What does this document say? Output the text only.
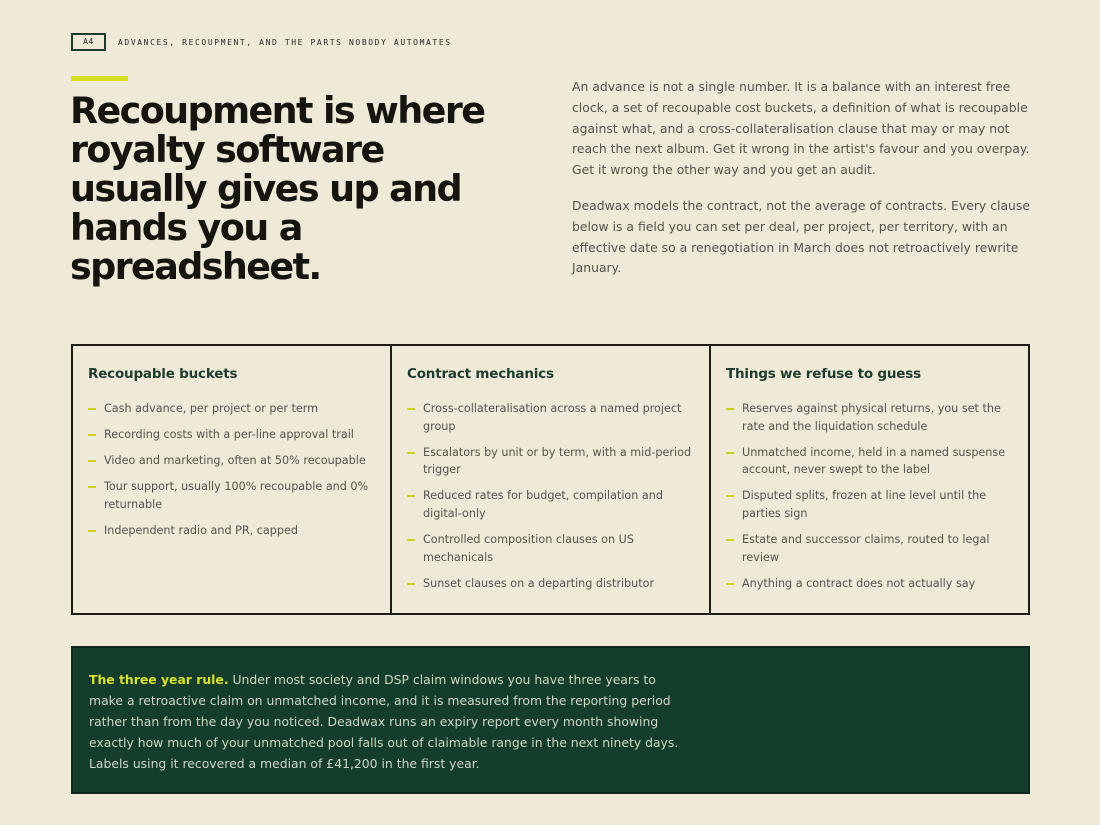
A4	ADVANCES, RECOUPMENT, AND THE PARTS NOBODY AUTOMATES
Recoupment is where royalty software usually gives up and hands you a spreadsheet.

An advance is not a single number. It is a balance with an interest free clock, a set of recoupable cost buckets, a definition of what is recoupable against what, and a cross-collateralisation clause that may or may not reach the next album. Get it wrong in the artist's favour and you overpay. Get it wrong the other way and you get an audit.

Deadwax models the contract, not the average of contracts. Every clause below is a field you can set per deal, per project, per territory, with an effective date so a renegotiation in March does not retroactively rewrite January.

Recoupable buckets
Cash advance, per project or per term
Recording costs with a per-line approval trail
Video and marketing, often at 50% recoupable
Tour support, usually 100% recoupable and 0% returnable
Independent radio and PR, capped
Contract mechanics
Cross-collateralisation across a named project group
Escalators by unit or by term, with a mid-period trigger
Reduced rates for budget, compilation and digital-only
Controlled composition clauses on US mechanicals
Sunset clauses on a departing distributor
Things we refuse to guess
Reserves against physical returns, you set the rate and the liquidation schedule
Unmatched income, held in a named suspense account, never swept to the label
Disputed splits, frozen at line level until the parties sign
Estate and successor claims, routed to legal review
Anything a contract does not actually say

The three year rule. Under most society and DSP claim windows you have three years to make a retroactive claim on unmatched income, and it is measured from the reporting period rather than from the day you noticed. Deadwax runs an expiry report every month showing exactly how much of your unmatched pool falls out of claimable range in the next ninety days. Labels using it recovered a median of £41,200 in the first year.
